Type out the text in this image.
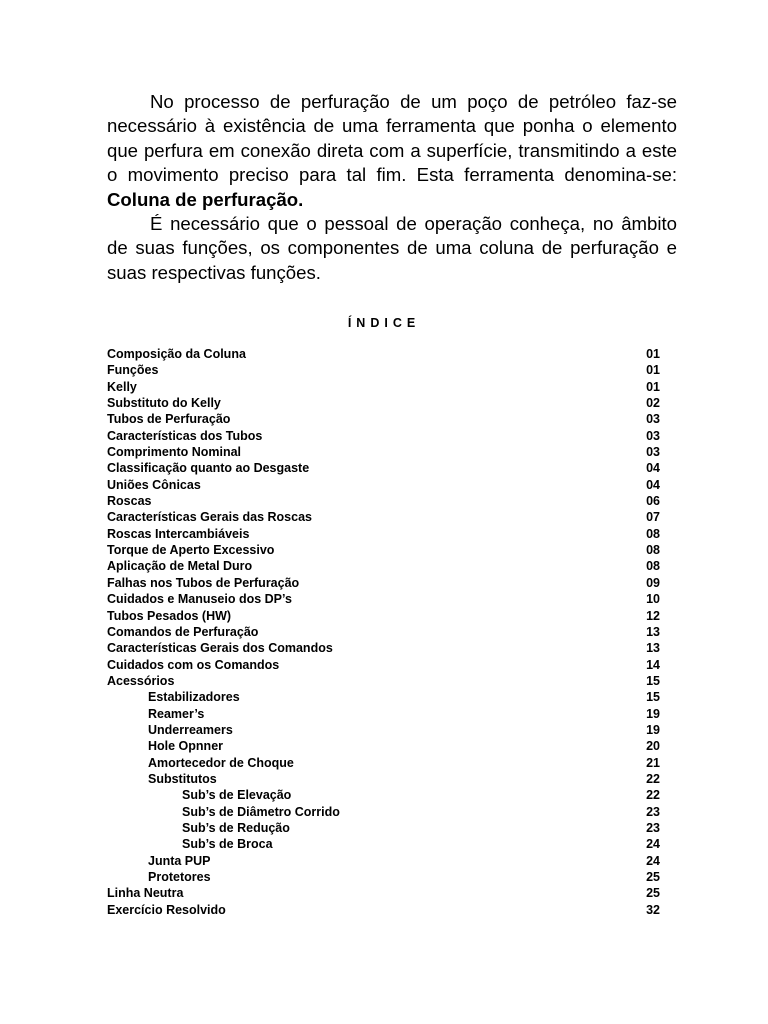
No processo de perfuração de um poço de petróleo faz-se necessário à existência de uma ferramenta que ponha o elemento que perfura em conexão direta com a superfície, transmitindo a este o movimento preciso para tal fim. Esta ferramenta denomina-se: Coluna de perfuração.

É necessário que o pessoal de operação conheça, no âmbito de suas funções, os componentes de uma coluna de perfuração e suas respectivas funções.

ÍNDICE
Composição da Coluna	01
Funções	01
Kelly	01
Substituto do Kelly	02
Tubos de Perfuração	03
Características dos Tubos	03
Comprimento Nominal	03
Classificação quanto ao Desgaste	04
Uniões Cônicas	04
Roscas	06
Características Gerais das Roscas	07
Roscas Intercambiáveis	08
Torque de Aperto Excessivo	08
Aplicação de Metal Duro	08
Falhas nos Tubos de Perfuração	09
Cuidados e Manuseio dos DP’s	10
Tubos Pesados (HW)	12
Comandos de Perfuração	13
Características Gerais dos Comandos	13
Cuidados com os Comandos	14
Acessórios	15
Estabilizadores	15
Reamer’s	19
Underreamers	19
Hole Opnner	20
Amortecedor de Choque	21
Substitutos	22
Sub’s de Elevação	22
Sub’s de Diâmetro Corrido	23
Sub’s de Redução	23
Sub’s de Broca	24
Junta PUP	24
Protetores	25
Linha Neutra	25
Exercício Resolvido	32
